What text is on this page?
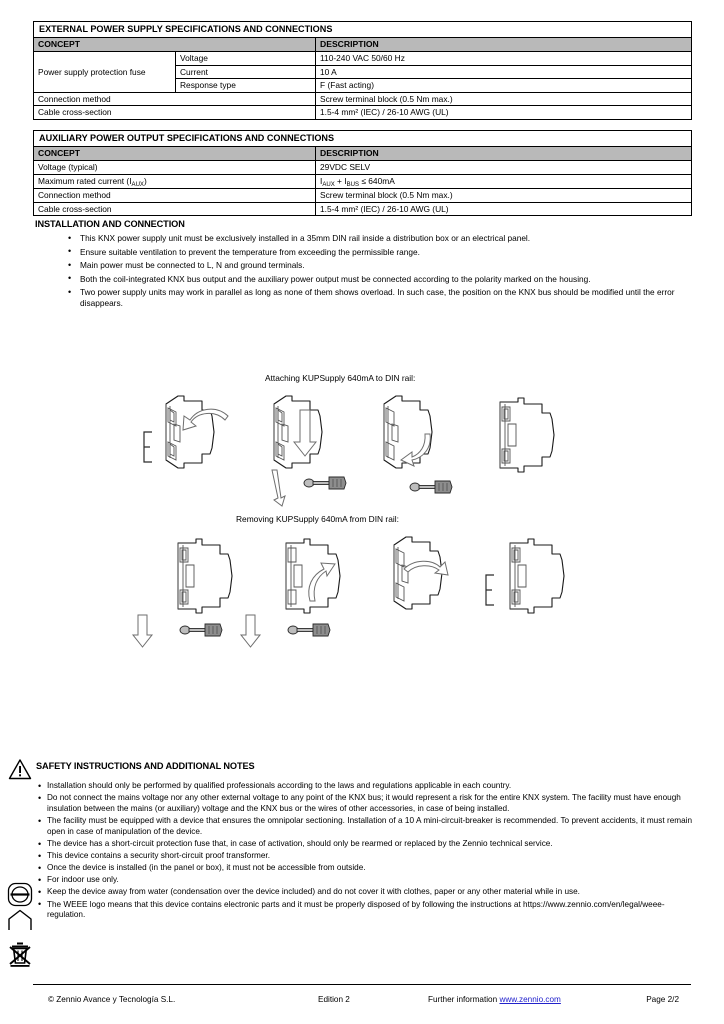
EXTERNAL POWER SUPPLY SPECIFICATIONS AND CONNECTIONS		
CONCEPT		DESCRIPTION
Power supply protection fuse	Voltage	110-240 VAC 50/60 Hz
	Current	10 A
	Response type	F (Fast acting)
Connection method		Screw terminal block (0.5 Nm max.)
Cable cross-section		1.5-4 mm² (IEC) / 26-10 AWG (UL)
AUXILIARY POWER OUTPUT SPECIFICATIONS AND CONNECTIONS	
CONCEPT	DESCRIPTION
Voltage (typical)	29VDC SELV
Maximum rated current $(I_{AUX})$	$I_{AUX} + I_{BUS} \le 640mA$
Connection method	Screw terminal block (0.5 Nm max.)
Cable cross-section	1.5-4 mm² (IEC) / 26-10 AWG (UL)
INSTALLATION AND CONNECTION
• This KNX power supply unit must be exclusively installed in a 35mm DIN rail inside a distribution box or an electrical panel.
• Ensure suitable ventilation to prevent the temperature from exceeding the permissible range.
• Main power must be connected to L, N and ground terminals.
• Both the coil-integrated KNX bus output and the auxiliary power output must be connected according to the polarity marked on the housing.
• Two power supply units may work in parallel as long as none of them shows overload. In such case, the position on the KNX bus should be modified until the error disappears.
Attaching KUPSupply 640mA to DIN rail:
Removing KUPSupply 640mA from DIN rail:
SAFETY INSTRUCTIONS AND ADDITIONAL NOTES
• Installation should only be performed by qualified professionals according to the laws and regulations applicable in each country.
• Do not connect the mains voltage nor any other external voltage to any point of the KNX bus; it would represent a risk for the entire KNX system. The facility must have enough insulation between the mains (or auxiliary) voltage and the KNX bus or the wires of other accessories, in case of being installed.
• The facility must be equipped with a device that ensures the omnipolar sectioning. Installation of a 10 A mini-circuit-breaker is recommended. To prevent accidents, it must remain open in case of manipulation of the device.
• The device has a short-circuit protection fuse that, in case of activation, should only be rearmed or replaced by the Zennio technical service.
• This device contains a security short-circuit proof transformer.
• Once the device is installed (in the panel or box), it must not be accessible from outside.
• For indoor use only.
• Keep the device away from water (condensation over the device included) and do not cover it with clothes, paper or any other material while in use.
• The WEEE logo means that this device contains electronic parts and it must be properly disposed of by following the instructions at https://www.zennio.com/en/legal/weee-regulation.
© Zennio Avance y Tecnología S.L.	Edition 2	Further information www.zennio.com	Page 2/2
